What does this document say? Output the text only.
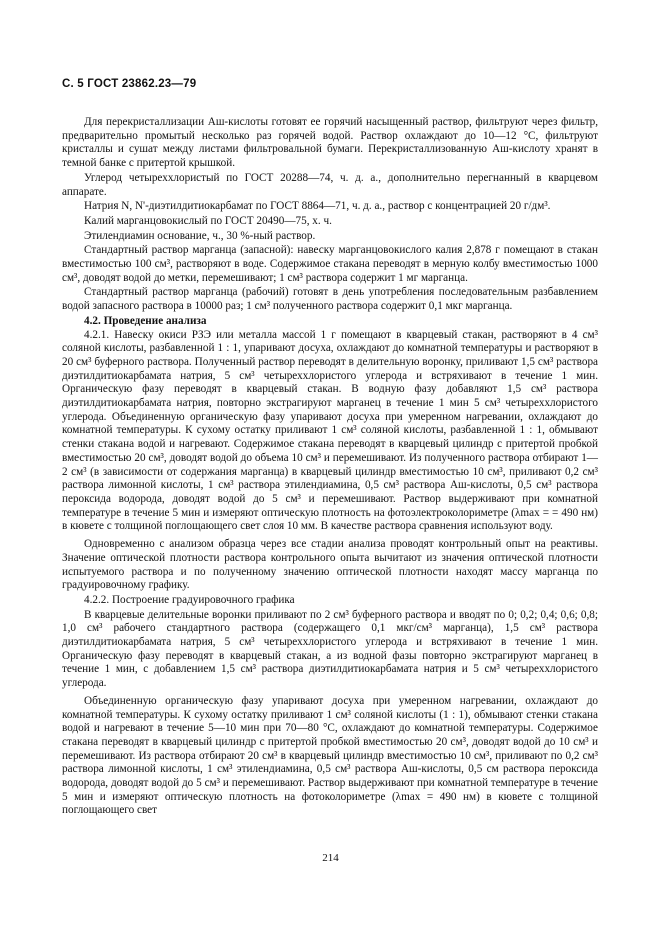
С. 5 ГОСТ 23862.23—79

Для перекристаллизации Аш-кислоты готовят ее горячий насыщенный раствор, фильтруют через фильтр, предварительно промытый несколько раз горячей водой. Раствор охлаждают до 10—12 °С, фильтруют кристаллы и сушат между листами фильтровальной бумаги. Перекристаллизованную Аш-кислоту хранят в темной банке с притертой крышкой.

Углерод четыреххлористый по ГОСТ 20288—74, ч. д. а., дополнительно перегнанный в кварцевом аппарате.

Натрия N, N'-диэтилдитиокарбамат по ГОСТ 8864—71, ч. д. а., раствор с концентрацией 20 г/дм³.

Калий марганцовокислый по ГОСТ 20490—75, х. ч.

Этилендиамин основание, ч., 30 %-ный раствор.

Стандартный раствор марганца (запасной): навеску марганцовокислого калия 2,878 г помещают в стакан вместимостью 100 см³, растворяют в воде. Содержимое стакана переводят в мерную колбу вместимостью 1000 см³, доводят водой до метки, перемешивают; 1 см³ раствора содержит 1 мг марганца.

Стандартный раствор марганца (рабочий) готовят в день употребления последовательным разбавлением водой запасного раствора в 10000 раз; 1 см³ полученного раствора содержит 0,1 мкг марганца.

4.2. Проведение анализа

4.2.1. Навеску окиси РЗЭ или металла массой 1 г помещают в кварцевый стакан, растворяют в 4 см³ соляной кислоты, разбавленной 1 : 1, упаривают досуха, охлаждают до комнатной температуры и растворяют в 20 см³ буферного раствора. Полученный раствор переводят в делительную воронку, приливают 1,5 см³ раствора диэтилдитиокарбамата натрия, 5 см³ четыреххлористого углерода и встряхивают в течение 1 мин. Органическую фазу переводят в кварцевый стакан. В водную фазу добавляют 1,5 см³ раствора диэтилдитиокарбамата натрия, повторно экстрагируют марганец в течение 1 мин 5 см³ четыреххлористого углерода. Объединенную органическую фазу упаривают досуха при умеренном нагревании, охлаждают до комнатной температуры. К сухому остатку приливают 1 см³ соляной кислоты, разбавленной 1 : 1, обмывают стенки стакана водой и нагревают. Содержимое стакана переводят в кварцевый цилиндр с притертой пробкой вместимостью 20 см³, доводят водой до объема 10 см³ и перемешивают. Из полученного раствора отбирают 1—2 см³ (в зависимости от содержания марганца) в кварцевый цилиндр вместимостью 10 см³, приливают 0,2 см³ раствора лимонной кислоты, 1 см³ раствора этилендиамина, 0,5 см³ раствора Аш-кислоты, 0,5 см³ раствора пероксида водорода, доводят водой до 5 см³ и перемешивают. Раствор выдерживают при комнатной температуре в течение 5 мин и измеряют оптическую плотность на фотоэлектроколориметре (λmax = = 490 нм) в кювете с толщиной поглощающего свет слоя 10 мм. В качестве раствора сравнения используют воду.

Одновременно с анализом образца через все стадии анализа проводят контрольный опыт на реактивы. Значение оптической плотности раствора контрольного опыта вычитают из значения оптической плотности испытуемого раствора и по полученному значению оптической плотности находят массу марганца по градуировочному графику.

4.2.2. Построение градуировочного графика

В кварцевые делительные воронки приливают по 2 см³ буферного раствора и вводят по 0; 0,2; 0,4; 0,6; 0,8; 1,0 см³ рабочего стандартного раствора (содержащего 0,1 мкг/см³ марганца), 1,5 см³ раствора диэтилдитиокарбамата натрия, 5 см³ четыреххлористого углерода и встряхивают в течение 1 мин. Органическую фазу переводят в кварцевый стакан, а из водной фазы повторно экстрагируют марганец в течение 1 мин, с добавлением 1,5 см³ раствора диэтилдитиокарбамата натрия и 5 см³ четыреххлористого углерода.

Объединенную органическую фазу упаривают досуха при умеренном нагревании, охлаждают до комнатной температуры. К сухому остатку приливают 1 см³ соляной кислоты (1 : 1), обмывают стенки стакана водой и нагревают в течение 5—10 мин при 70—80 °С, охлаждают до комнатной температуры. Содержимое стакана переводят в кварцевый цилиндр с притертой пробкой вместимостью 20 см³, доводят водой до 10 см³ и перемешивают. Из раствора отбирают 20 см³ в кварцевый цилиндр вместимостью 10 см³, приливают по 0,2 см³ раствора лимонной кислоты, 1 см³ этилендиамина, 0,5 см³ раствора Аш-кислоты, 0,5 см раствора пероксида водорода, доводят водой до 5 см³ и перемешивают. Раствор выдерживают при комнатной температуре в течение 5 мин и измеряют оптическую плотность на фотоколориметре (λmax = 490 нм) в кювете с толщиной поглощающего свет

214
